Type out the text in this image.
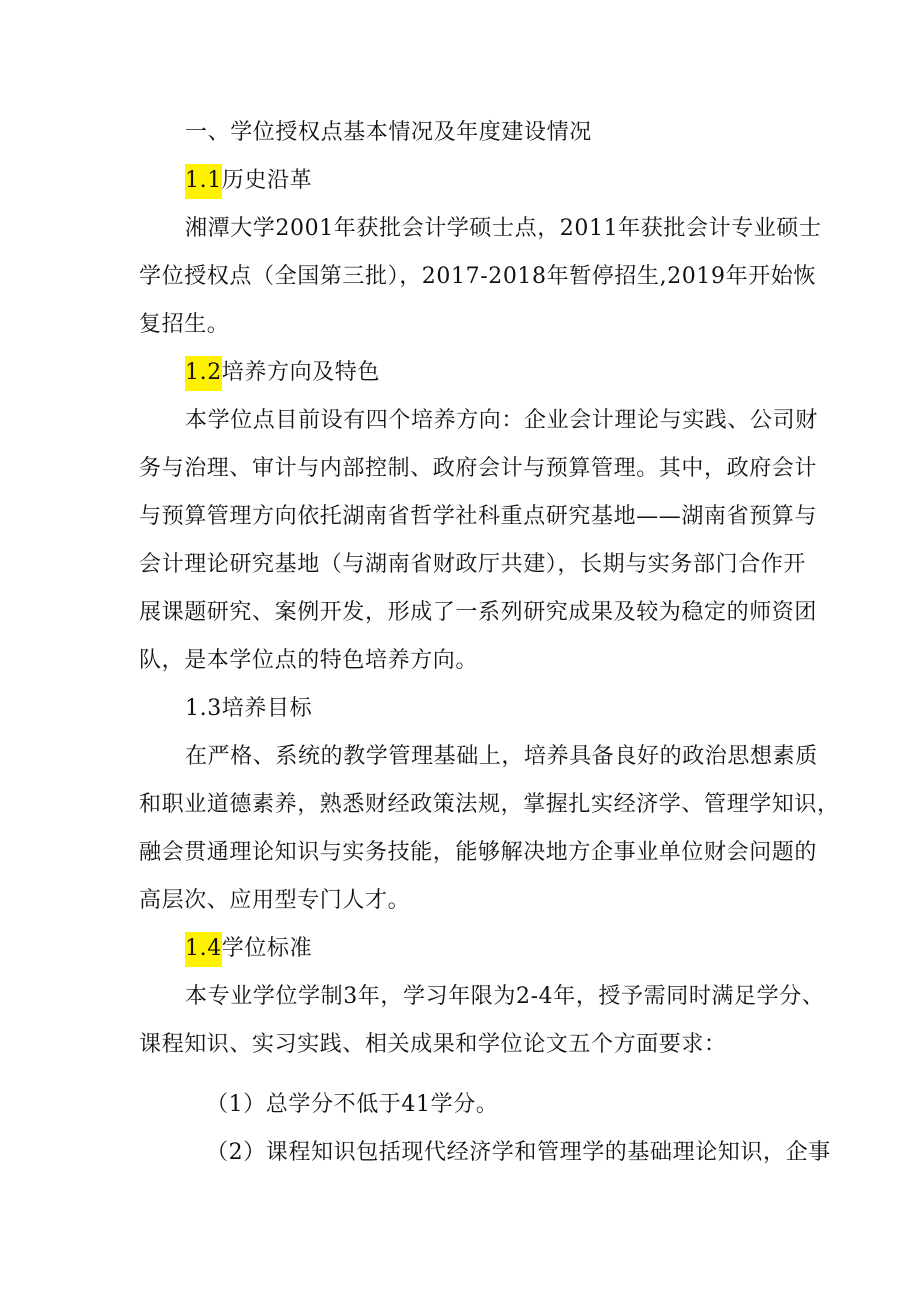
一、学位授权点基本情况及年度建设情况
1.1历史沿革
湘潭大学2001年获批会计学硕士点，2011年获批会计专业硕士
学位授权点（全国第三批），2017-2018年暂停招生,2019年开始恢
复招生。
1.2培养方向及特色
本学位点目前设有四个培养方向：企业会计理论与实践、公司财
务与治理、审计与内部控制、政府会计与预算管理。其中，政府会计
与预算管理方向依托湖南省哲学社科重点研究基地——湖南省预算与
会计理论研究基地（与湖南省财政厅共建），长期与实务部门合作开
展课题研究、案例开发，形成了一系列研究成果及较为稳定的师资团
队，是本学位点的特色培养方向。
1.3培养目标
在严格、系统的教学管理基础上，培养具备良好的政治思想素质
和职业道德素养，熟悉财经政策法规，掌握扎实经济学、管理学知识，
融会贯通理论知识与实务技能，能够解决地方企事业单位财会问题的
高层次、应用型专门人才。
1.4学位标准
本专业学位学制3年，学习年限为2-4年，授予需同时满足学分、
课程知识、实习实践、相关成果和学位论文五个方面要求：
（1）总学分不低于41学分。
（2）课程知识包括现代经济学和管理学的基础理论知识，企事
